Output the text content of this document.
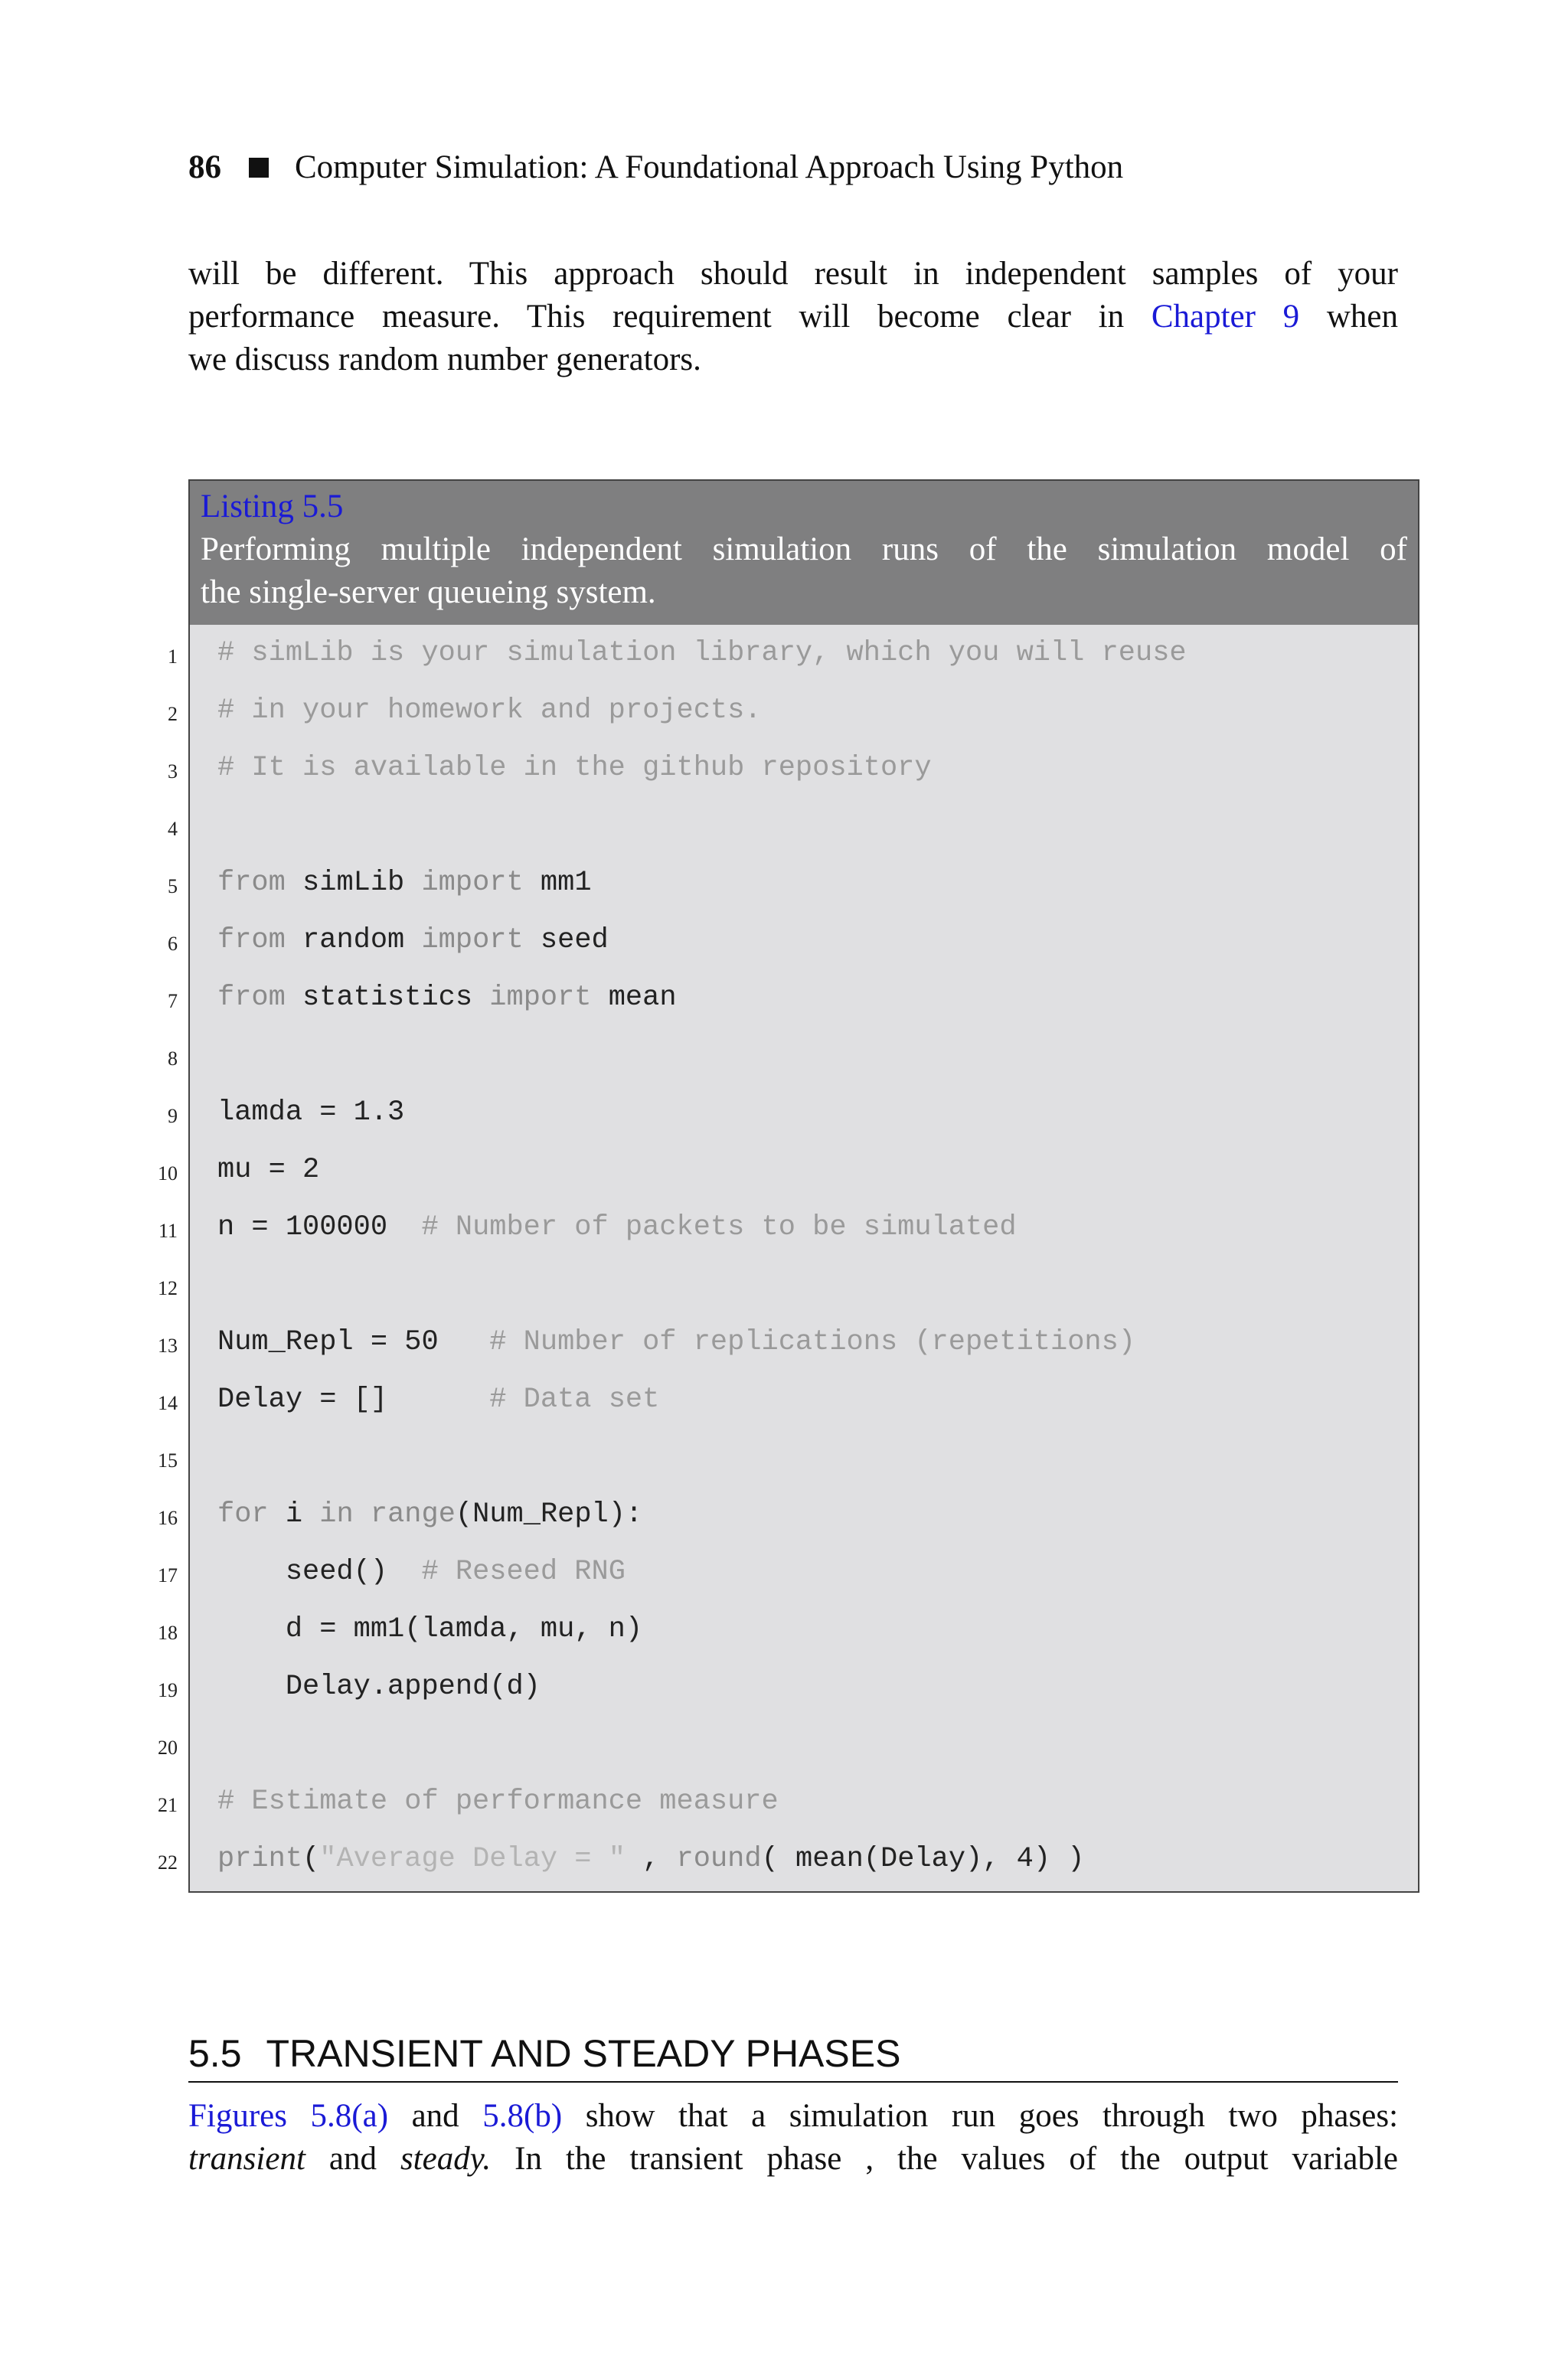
86 Computer Simulation: A Foundational Approach Using Python
will be different. This approach should result in independent samples of your
performance measure. This requirement will become clear in Chapter 9 when
we discuss random number generators.
Listing 5.5
Performing multiple independent simulation runs of the simulation model of
the single-server queueing system.
1 # simLib is your simulation library, which you will reuse
2 # in your homework and projects.
3 # It is available in the github repository
4
5 from simLib import mm1
6 from random import seed
7 from statistics import mean
8
9 lamda = 1.3
10 mu = 2
11 n = 100000  # Number of packets to be simulated
12
13 Num_Repl = 50   # Number of replications (repetitions)
14 Delay = []      # Data set
15
16 for i in range(Num_Repl):
17 seed()  # Reseed RNG
18 d = mm1(lamda, mu, n)
19 Delay.append(d)
20
21 # Estimate of performance measure
22 print("Average Delay = " , round( mean(Delay), 4) )
5.5 TRANSIENT AND STEADY PHASES
Figures 5.8(a) and 5.8(b) show that a simulation run goes through two phases:
transient and steady. In the transient phase , the values of the output variable
